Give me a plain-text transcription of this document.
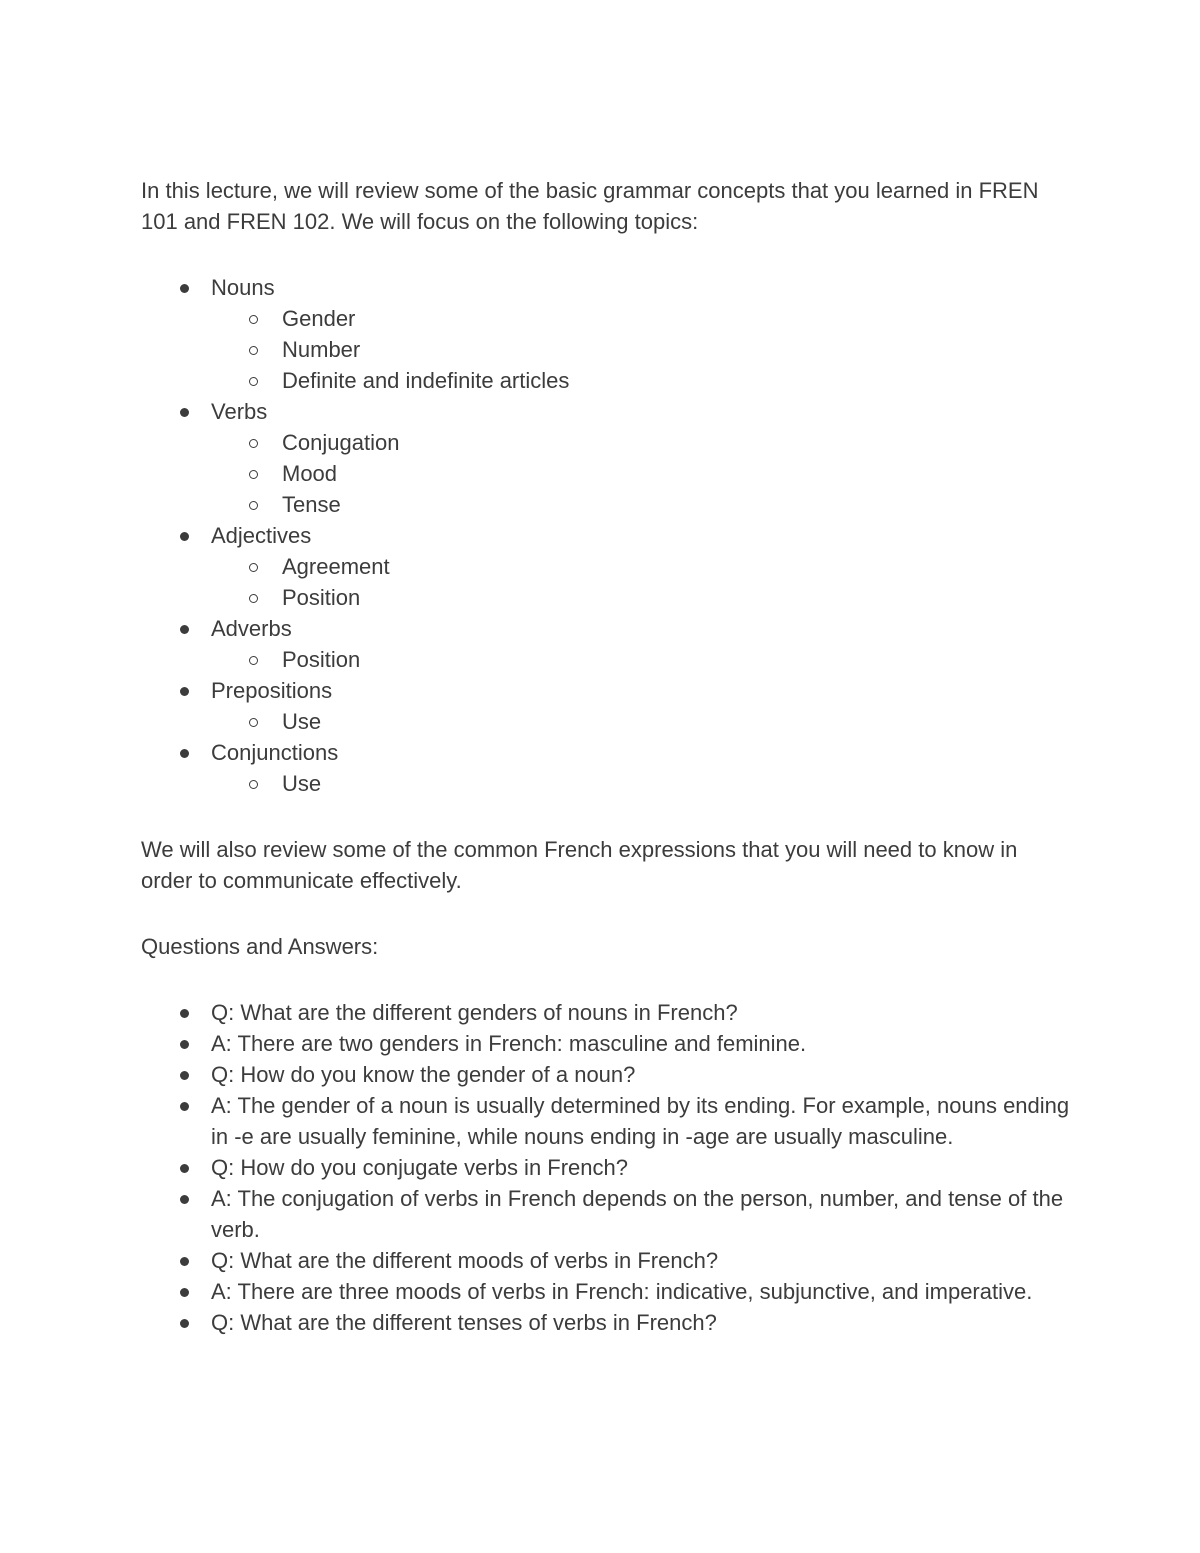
In this lecture, we will review some of the basic grammar concepts that you learned in FREN 101 and FREN 102. We will focus on the following topics:

Nouns
Gender
Number
Definite and indefinite articles
Verbs
Conjugation
Mood
Tense
Adjectives
Agreement
Position
Adverbs
Position
Prepositions
Use
Conjunctions
Use

We will also review some of the common French expressions that you will need to know in order to communicate effectively.

Questions and Answers:

Q: What are the different genders of nouns in French?
A: There are two genders in French: masculine and feminine.
Q: How do you know the gender of a noun?
A: The gender of a noun is usually determined by its ending. For example, nouns ending in -e are usually feminine, while nouns ending in -age are usually masculine.
Q: How do you conjugate verbs in French?
A: The conjugation of verbs in French depends on the person, number, and tense of the verb.
Q: What are the different moods of verbs in French?
A: There are three moods of verbs in French: indicative, subjunctive, and imperative.
Q: What are the different tenses of verbs in French?
